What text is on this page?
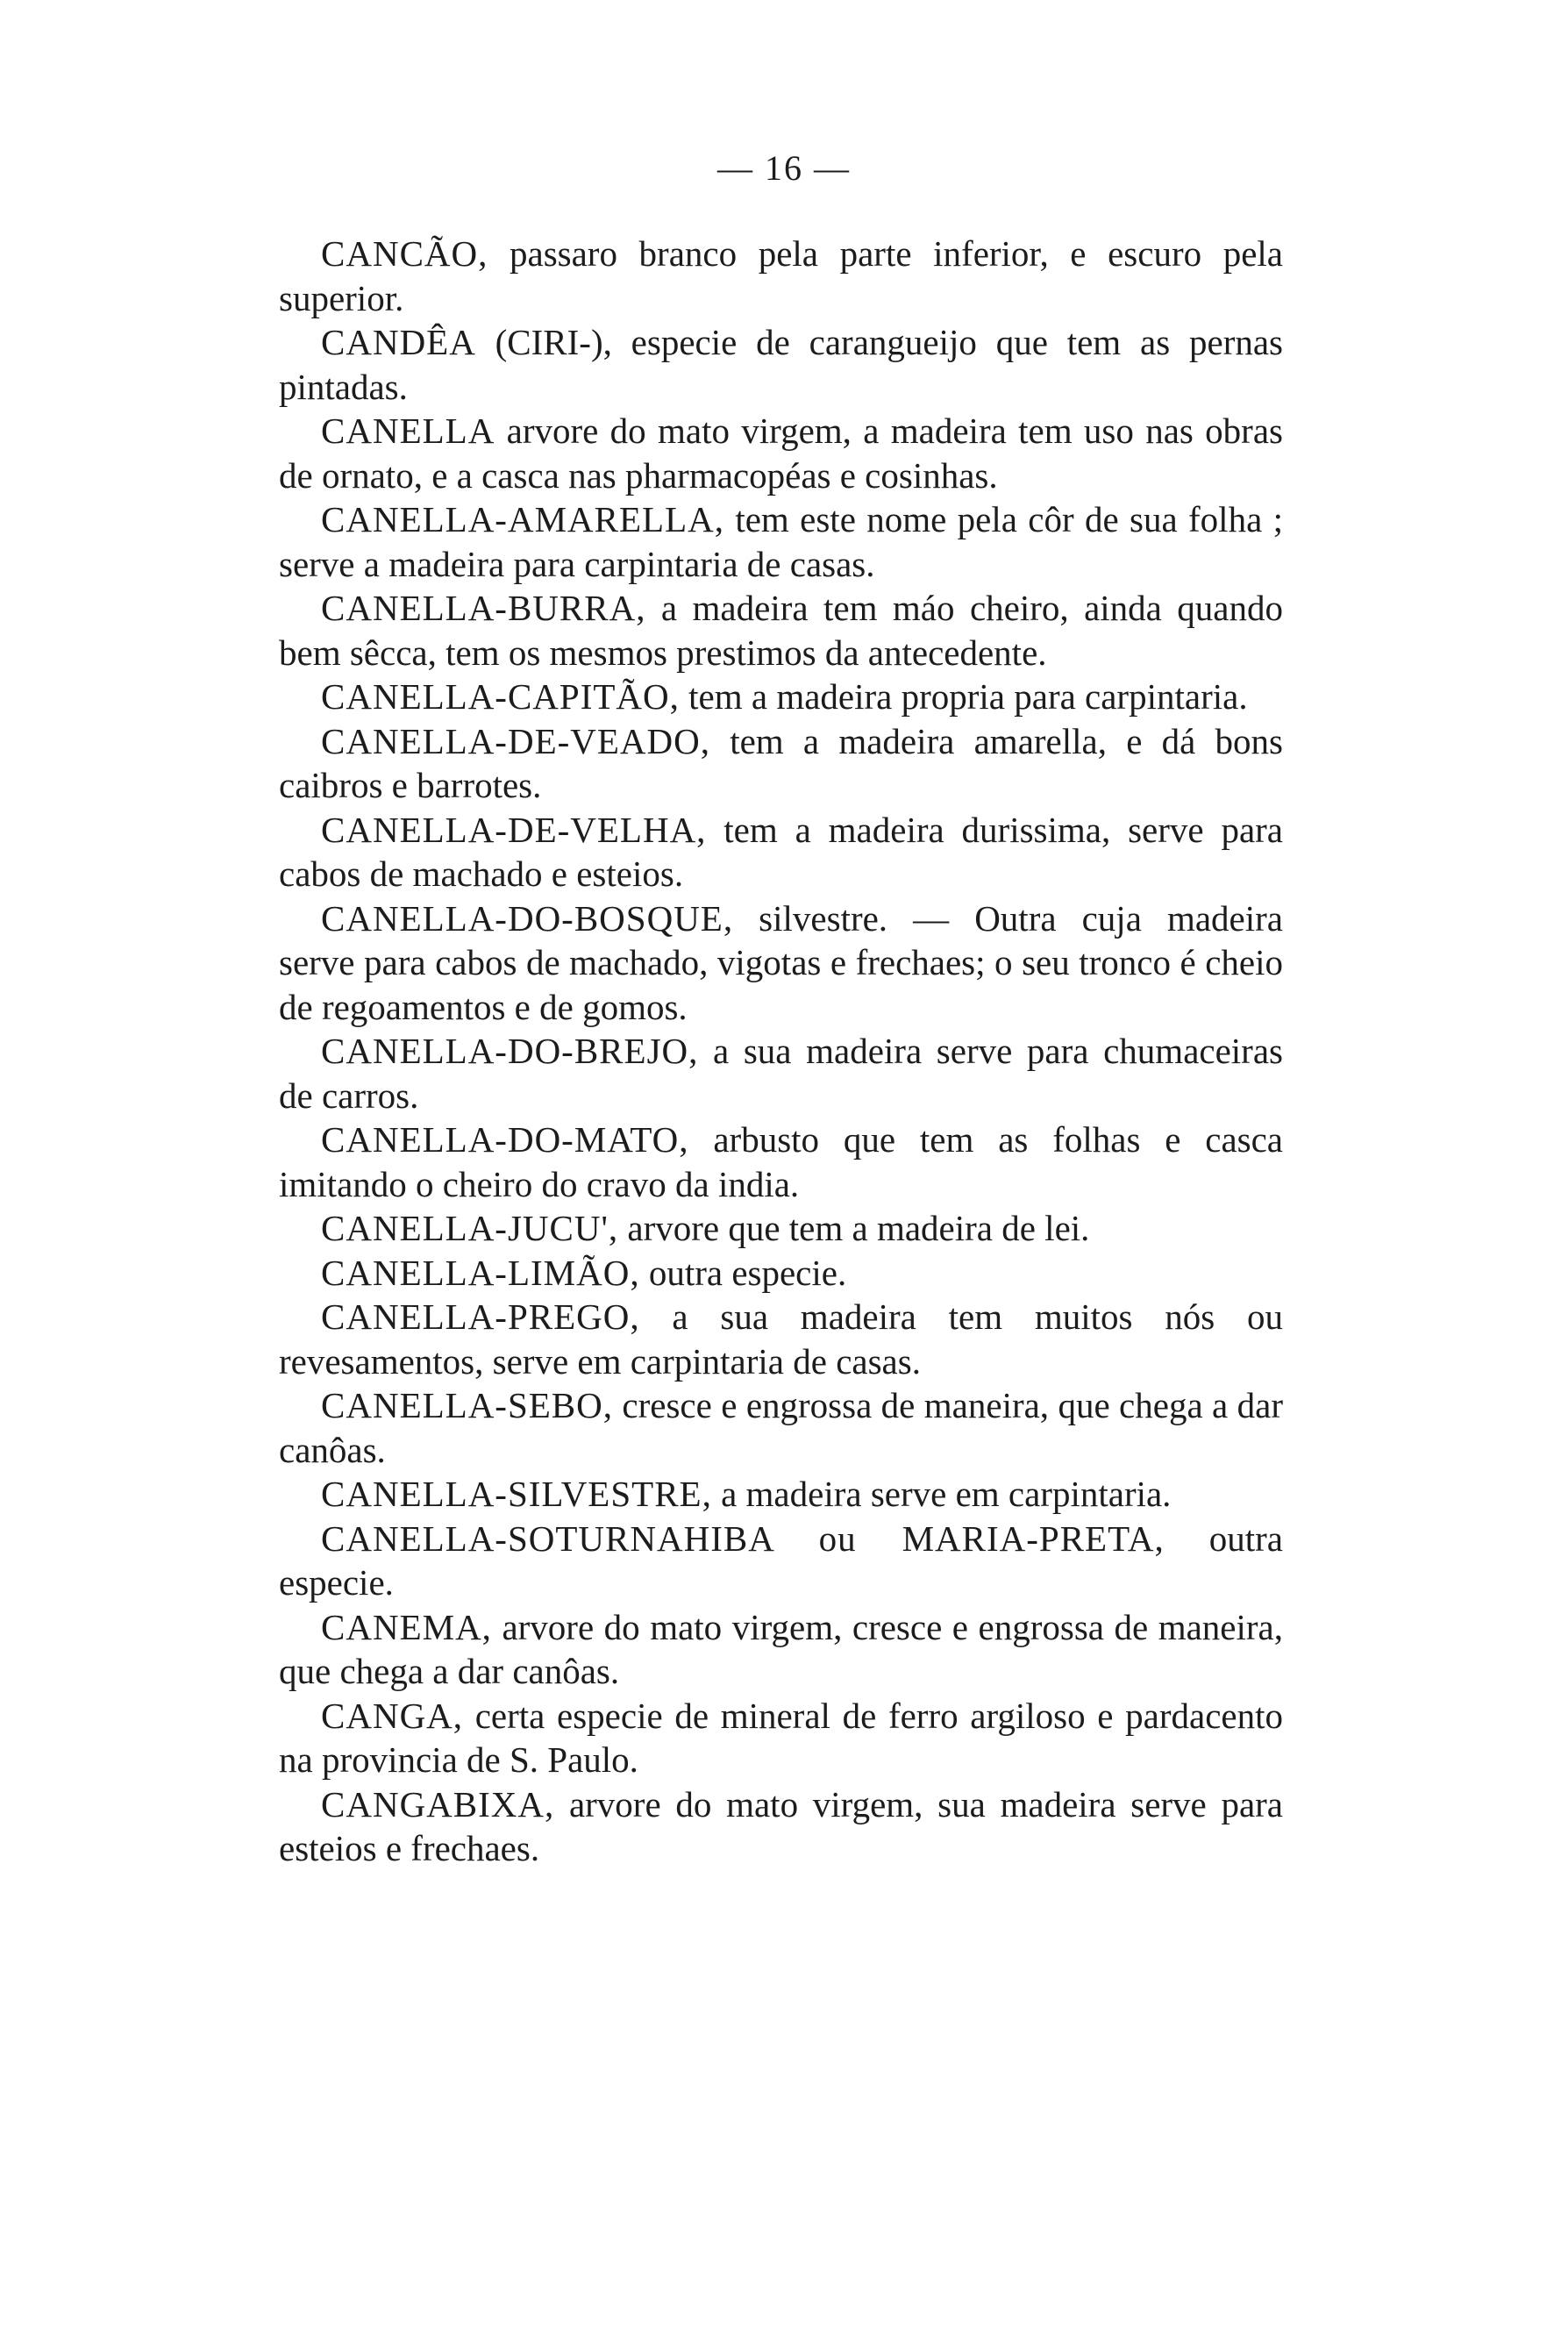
— 16 —

CANCÃO, passaro branco pela parte inferior, e escuro pela superior.

CANDÊA (CIRI-), especie de carangueijo que tem as pernas pintadas.

CANELLA arvore do mato virgem, a madeira tem uso nas obras de ornato, e a casca nas pharmacopéas e cosinhas.

CANELLA-AMARELLA, tem este nome pela côr de sua folha ; serve a madeira para carpintaria de casas.

CANELLA-BURRA, a madeira tem máo cheiro, ainda quando bem sêcca, tem os mesmos prestimos da antecedente.

CANELLA-CAPITÃO, tem a madeira propria para carpintaria.

CANELLA-DE-VEADO, tem a madeira amarella, e dá bons caibros e barrotes.

CANELLA-DE-VELHA, tem a madeira durissima, serve para cabos de machado e esteios.

CANELLA-DO-BOSQUE, silvestre. — Outra cuja madeira serve para cabos de machado, vigotas e frechaes; o seu tronco é cheio de regoamentos e de gomos.

CANELLA-DO-BREJO, a sua madeira serve para chumaceiras de carros.

CANELLA-DO-MATO, arbusto que tem as folhas e casca imitando o cheiro do cravo da india.

CANELLA-JUCU', arvore que tem a madeira de lei.

CANELLA-LIMÃO, outra especie.

CANELLA-PREGO, a sua madeira tem muitos nós ou revesamentos, serve em carpintaria de casas.

CANELLA-SEBO, cresce e engrossa de maneira, que chega a dar canôas.

CANELLA-SILVESTRE, a madeira serve em carpintaria.

CANELLA-SOTURNAHIBA ou MARIA-PRETA, outra especie.

CANEMA, arvore do mato virgem, cresce e engrossa de maneira, que chega a dar canôas.

CANGA, certa especie de mineral de ferro argiloso e pardacento na provincia de S. Paulo.

CANGABIXA, arvore do mato virgem, sua madeira serve para esteios e frechaes.
